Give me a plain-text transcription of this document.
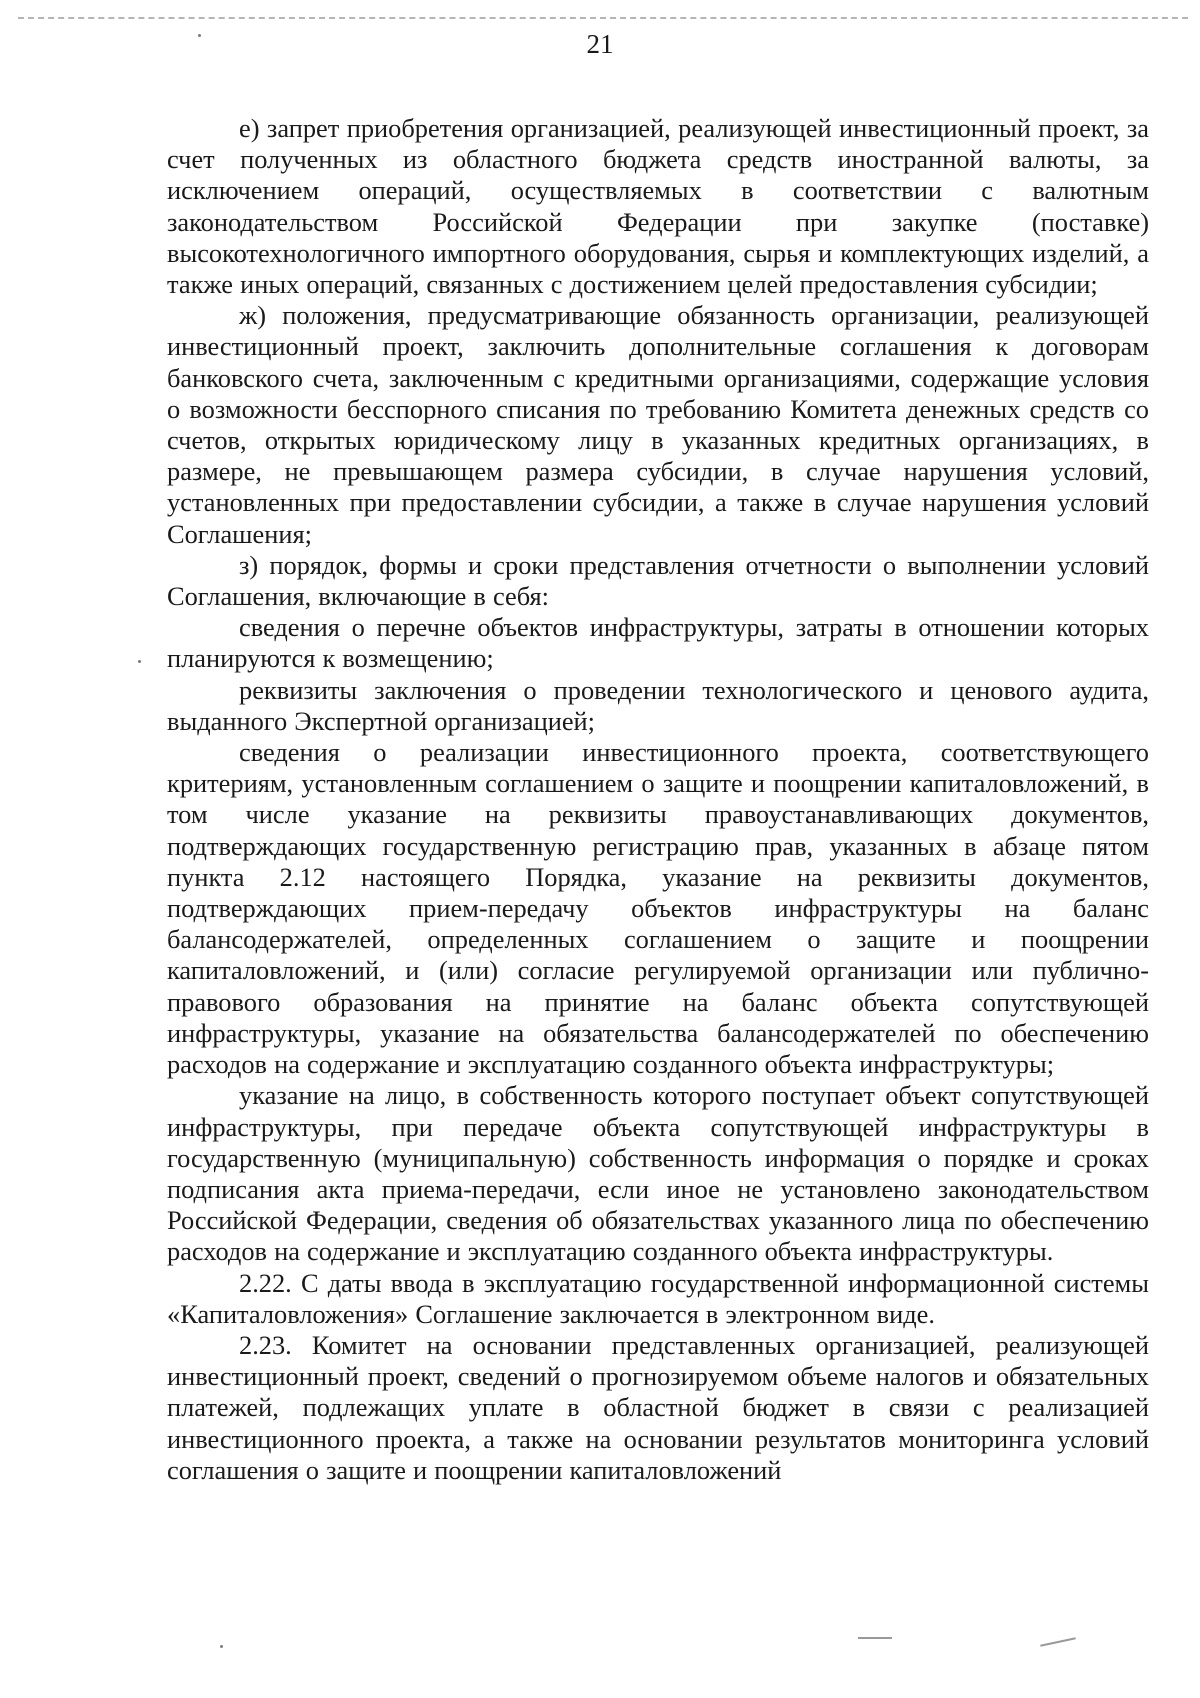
21

е) запрет приобретения организацией, реализующей инвестиционный проект, за счет полученных из областного бюджета средств иностранной валюты, за исключением операций, осуществляемых в соответствии с валютным законодательством Российской Федерации при закупке (поставке) высокотехнологичного импортного оборудования, сырья и комплектующих изделий, а также иных операций, связанных с достижением целей предоставления субсидии;

ж) положения, предусматривающие обязанность организации, реализующей инвестиционный проект, заключить дополнительные соглашения к договорам банковского счета, заключенным с кредитными организациями, содержащие условия о возможности бесспорного списания по требованию Комитета денежных средств со счетов, открытых юридическому лицу в указанных кредитных организациях, в размере, не превышающем размера субсидии, в случае нарушения условий, установленных при предоставлении субсидии, а также в случае нарушения условий Соглашения;

з) порядок, формы и сроки представления отчетности о выполнении условий Соглашения, включающие в себя:

сведения о перечне объектов инфраструктуры, затраты в отношении которых планируются к возмещению;

реквизиты заключения о проведении технологического и ценового аудита, выданного Экспертной организацией;

сведения о реализации инвестиционного проекта, соответствующего критериям, установленным соглашением о защите и поощрении капиталовложений, в том числе указание на реквизиты правоустанавливающих документов, подтверждающих государственную регистрацию прав, указанных в абзаце пятом пункта 2.12 настоящего Порядка, указание на реквизиты документов, подтверждающих прием-передачу объектов инфраструктуры на баланс балансодержателей, определенных соглашением о защите и поощрении капиталовложений, и (или) согласие регулируемой организации или публично-правового образования на принятие на баланс объекта сопутствующей инфраструктуры, указание на обязательства балансодержателей по обеспечению расходов на содержание и эксплуатацию созданного объекта инфраструктуры;

указание на лицо, в собственность которого поступает объект сопутствующей инфраструктуры, при передаче объекта сопутствующей инфраструктуры в государственную (муниципальную) собственность информация о порядке и сроках подписания акта приема-передачи, если иное не установлено законодательством Российской Федерации, сведения об обязательствах указанного лица по обеспечению расходов на содержание и эксплуатацию созданного объекта инфраструктуры.

2.22. С даты ввода в эксплуатацию государственной информационной системы «Капиталовложения» Соглашение заключается в электронном виде.

2.23. Комитет на основании представленных организацией, реализующей инвестиционный проект, сведений о прогнозируемом объеме налогов и обязательных платежей, подлежащих уплате в областной бюджет в связи с реализацией инвестиционного проекта, а также на основании результатов мониторинга условий соглашения о защите и поощрении капиталовложений
